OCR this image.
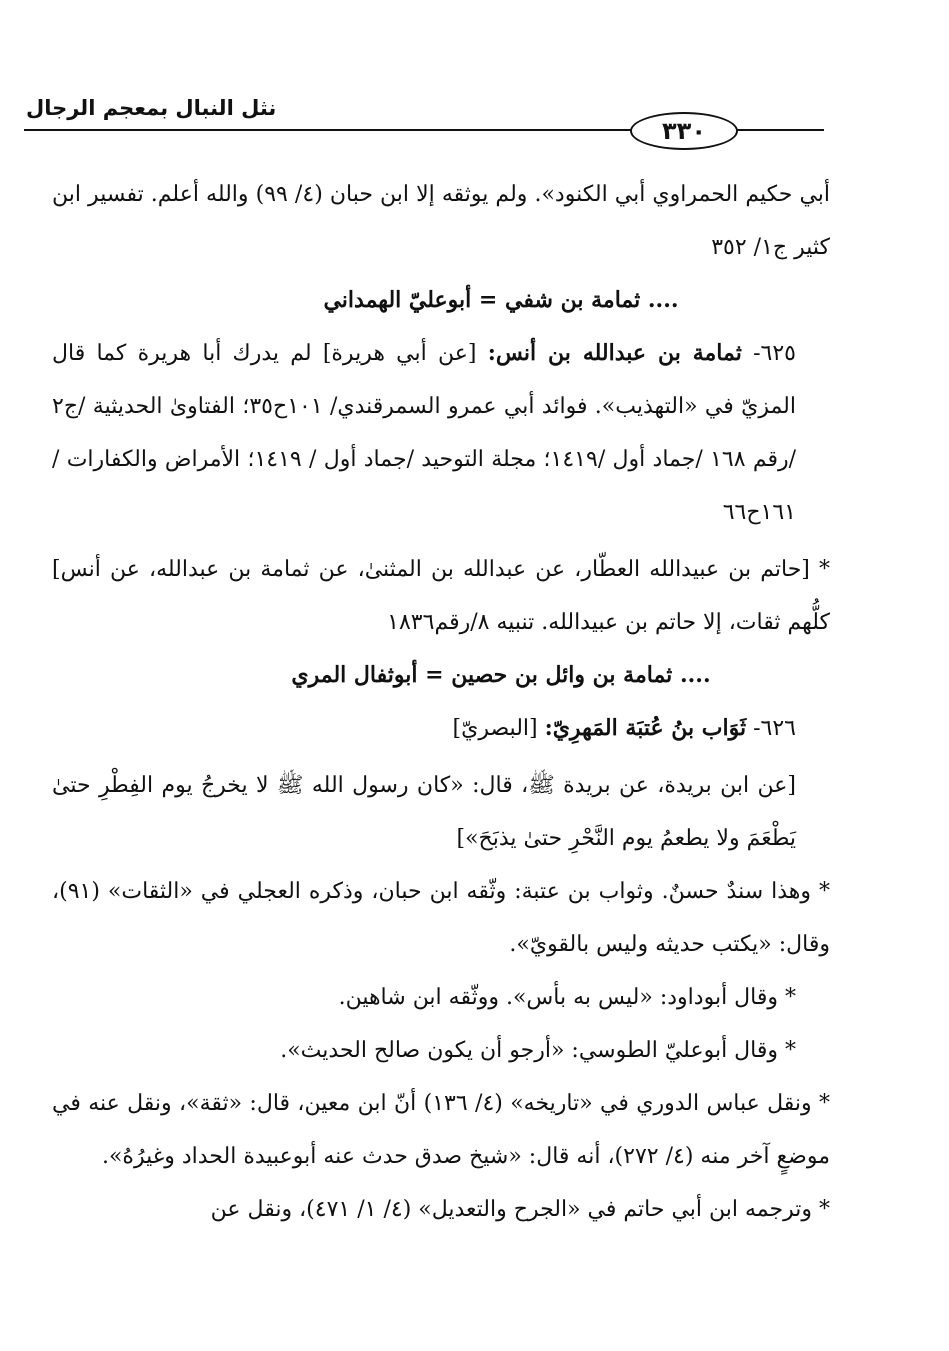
نثل النبال بمعجم الرجال
٣٣٠

أبي حكيم الحمراوي أبي الكنود». ولم يوثقه إلا ابن حبان (٤/ ٩٩) والله أعلم. تفسير ابن كثير ج١/ ٣٥٢

.... ثمامة بن شفي = أبوعليّ الهمداني

٦٢٥- ثمامة بن عبدالله بن أنس: [عن أبي هريرة] لم يدرك أبا هريرة كما قال المزيّ في «التهذيب». فوائد أبي عمرو السمرقندي/ ١٠١ح٣٥؛ الفتاوىٰ الحديثية /ج٢ /رقم ١٦٨ /جماد أول /١٤١٩؛ مجلة التوحيد /جماد أول / ١٤١٩؛ الأمراض والكفارات /١٦١ح٦٦

* [حاتم بن عبيدالله العطّار، عن عبدالله بن المثنىٰ، عن ثمامة بن عبدالله، عن أنس] كلُّهم ثقات، إلا حاتم بن عبيدالله. تنبيه ٨/رقم١٨٣٦

.... ثمامة بن وائل بن حصين = أبوثفال المري

٦٢٦- ثَوَاب بنُ عُتبَة المَهرِيّ: [البصريّ]

[عن ابن بريدة، عن بريدة ﷺ، قال: «كان رسول الله ﷺ لا يخرجُ يوم الفِطْرِ حتىٰ يَطْعَمَ ولا يطعمُ يوم النَّحْرِ حتىٰ يذبَحَ»]

* وهذا سندٌ حسنٌ. وثواب بن عتبة: وثّقه ابن حبان، وذكره العجلي في «الثقات» (٩١)، وقال: «يكتب حديثه وليس بالقويّ».

* وقال أبوداود: «ليس به بأس». ووثّقه ابن شاهين.

* وقال أبوعليّ الطوسي: «أرجو أن يكون صالح الحديث».

* ونقل عباس الدوري في «تاريخه» (٤/ ١٣٦) أنّ ابن معين، قال: «ثقة»، ونقل عنه في موضعٍ آخر منه (٤/ ٢٧٢)، أنه قال: «شيخ صدق حدث عنه أبوعبيدة الحداد وغيرُهُ».

* وترجمه ابن أبي حاتم في «الجرح والتعديل» (٤/ ١/ ٤٧١)، ونقل عن
